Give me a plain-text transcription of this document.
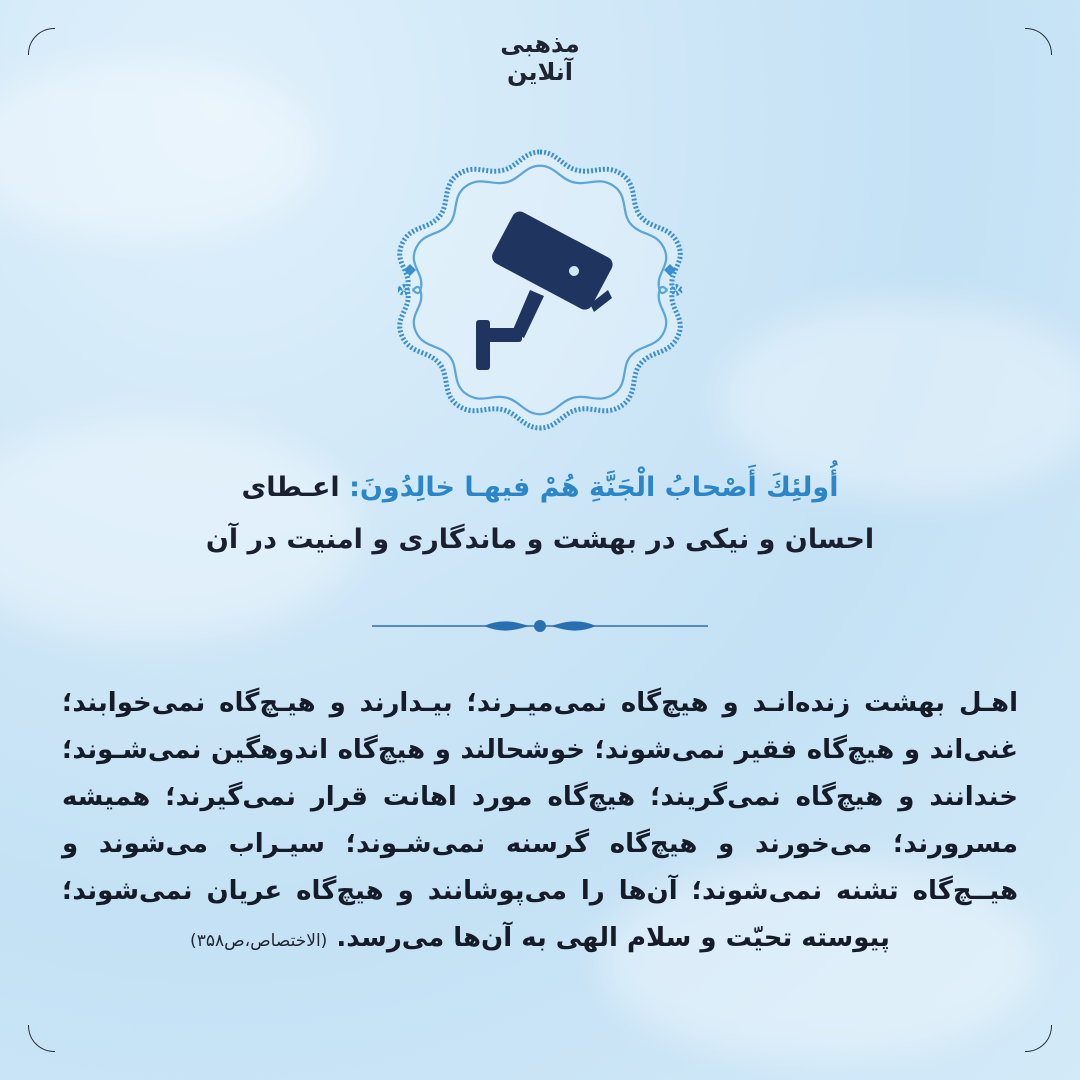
مذهبی
آنلاین
أُولئِكَ أَصْحابُ الْجَنَّةِ هُمْ فيهـا خالِدُونَ: اعـطای
احسان و نیکی در بهشت و ماندگاری و امنیت در آن
اهـل بهشت زنده‌انـد و هیچ‌گاه نمی‌میـرند؛ بیـدارند و هیـچ‌گاه نمی‌خوابند؛ غنی‌اند و هیچ‌گاه فقیر نمی‌شوند؛ خوشحالند و هیچ‌گاه اندوهگین نمی‌شـوند؛ خندانند و هیچ‌گاه نمی‌گریند؛ هیچ‌گاه مورد اهانت قرار نمی‌گیرند؛ همیشه مسرورند؛ می‌خورند و هیچ‌گاه گرسنه نمی‌شـوند؛ سیـراب می‌شوند و هیــچ‌گاه تشنه نمی‌شوند؛ آن‌ها را می‌پوشانند و هیچ‌گاه عریان نمی‌شوند؛ پیوسته تحیّت و سلام الهی به آن‌ها می‌رسد. (الاختصاص،ص۳۵۸)
